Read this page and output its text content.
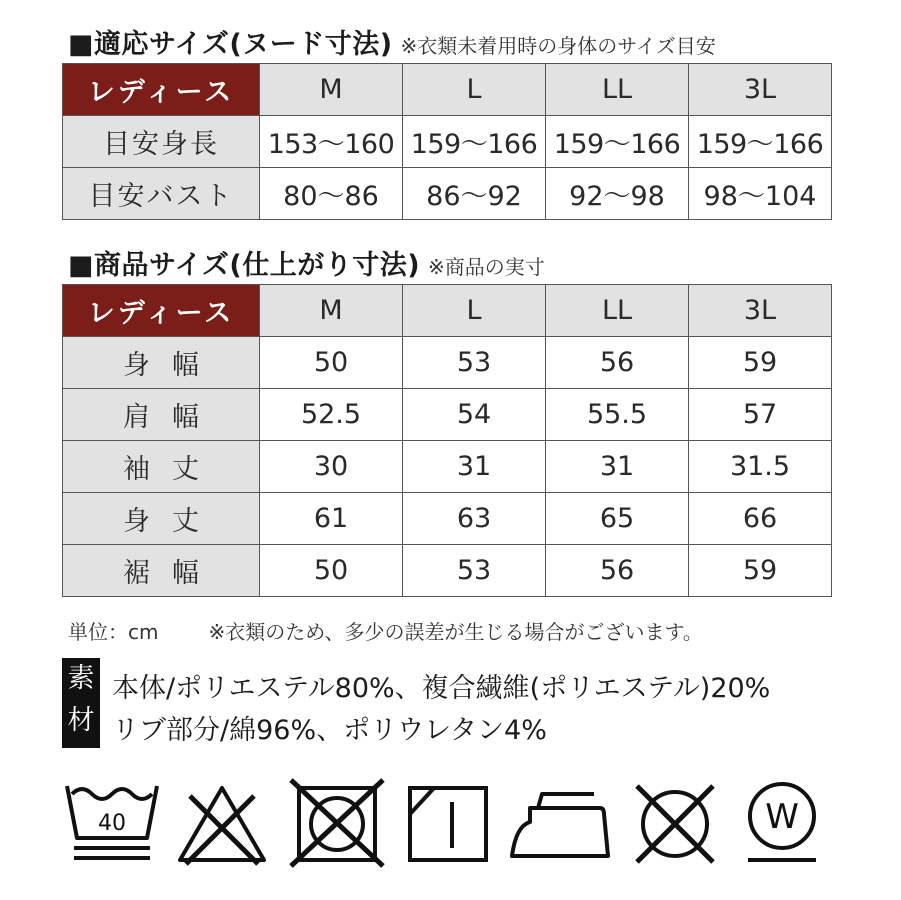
■適応サイズ(ヌード寸法) ※衣類未着用時の身体のサイズ目安
レディース	M	L	LL	3L
目安身長	153〜160	159〜166	159〜166	159〜166
目安バスト	80〜86	86〜92	92〜98	98〜104
■商品サイズ(仕上がり寸法) ※商品の実寸
レディース	M	L	LL	3L
身幅	50	53	56	59
肩幅	52.5	54	55.5	57
袖丈	30	31	31	31.5
身丈	61	63	65	66
裾幅	50	53	56	59
単位：cm	※衣類のため、多少の誤差が生じる場合がございます。
素
材
本体/ポリエステル80%、複合繊維(ポリエステル)20%
リブ部分/綿96%、ポリウレタン4%
40	W
